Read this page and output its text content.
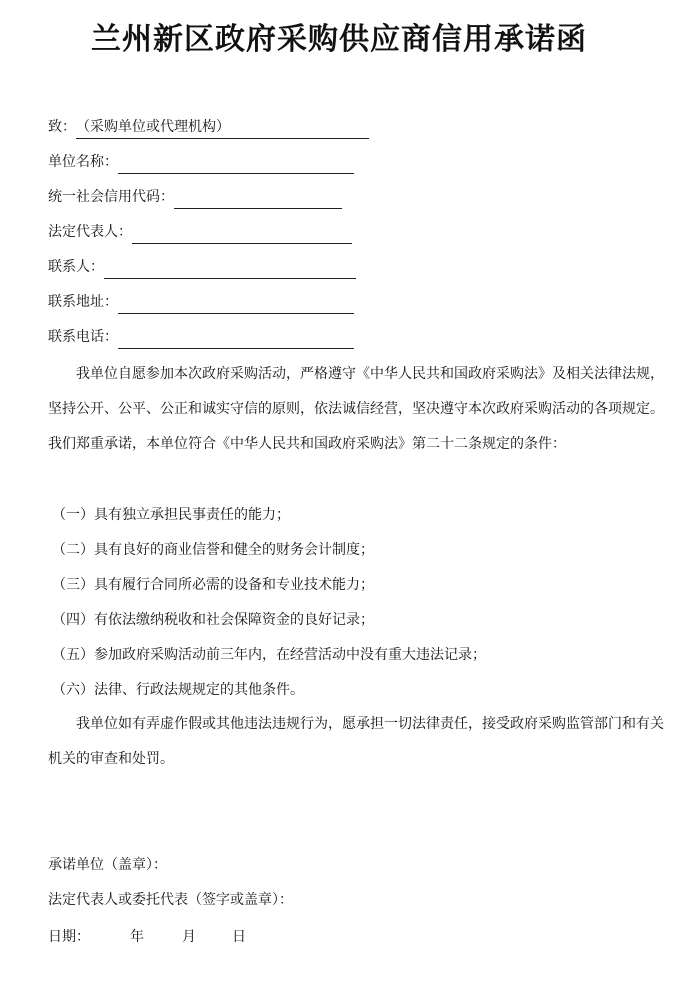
兰州新区政府采购供应商信用承诺函
致： （采购单位或代理机构）
单位名称：
统一社会信用代码：
法定代表人：
联系人：
联系地址：
联系电话：

我单位自愿参加本次政府采购活动，严格遵守《中华人民共和国政府采购法》及相关法律法规，坚持公开、公平、公正和诚实守信的原则，依法诚信经营，坚决遵守本次政府采购活动的各项规定。我们郑重承诺，本单位符合《中华人民共和国政府采购法》第二十二条规定的条件：

（一）具有独立承担民事责任的能力；
（二）具有良好的商业信誉和健全的财务会计制度；
（三）具有履行合同所必需的设备和专业技术能力；
（四）有依法缴纳税收和社会保障资金的良好记录；
（五）参加政府采购活动前三年内，在经营活动中没有重大违法记录；
（六）法律、行政法规规定的其他条件。

我单位如有弄虚作假或其他违法违规行为，愿承担一切法律责任，接受政府采购监管部门和有关机关的审查和处罚。

承诺单位（盖章）：
法定代表人或委托代表（签字或盖章）：
日期：	年	月	日
